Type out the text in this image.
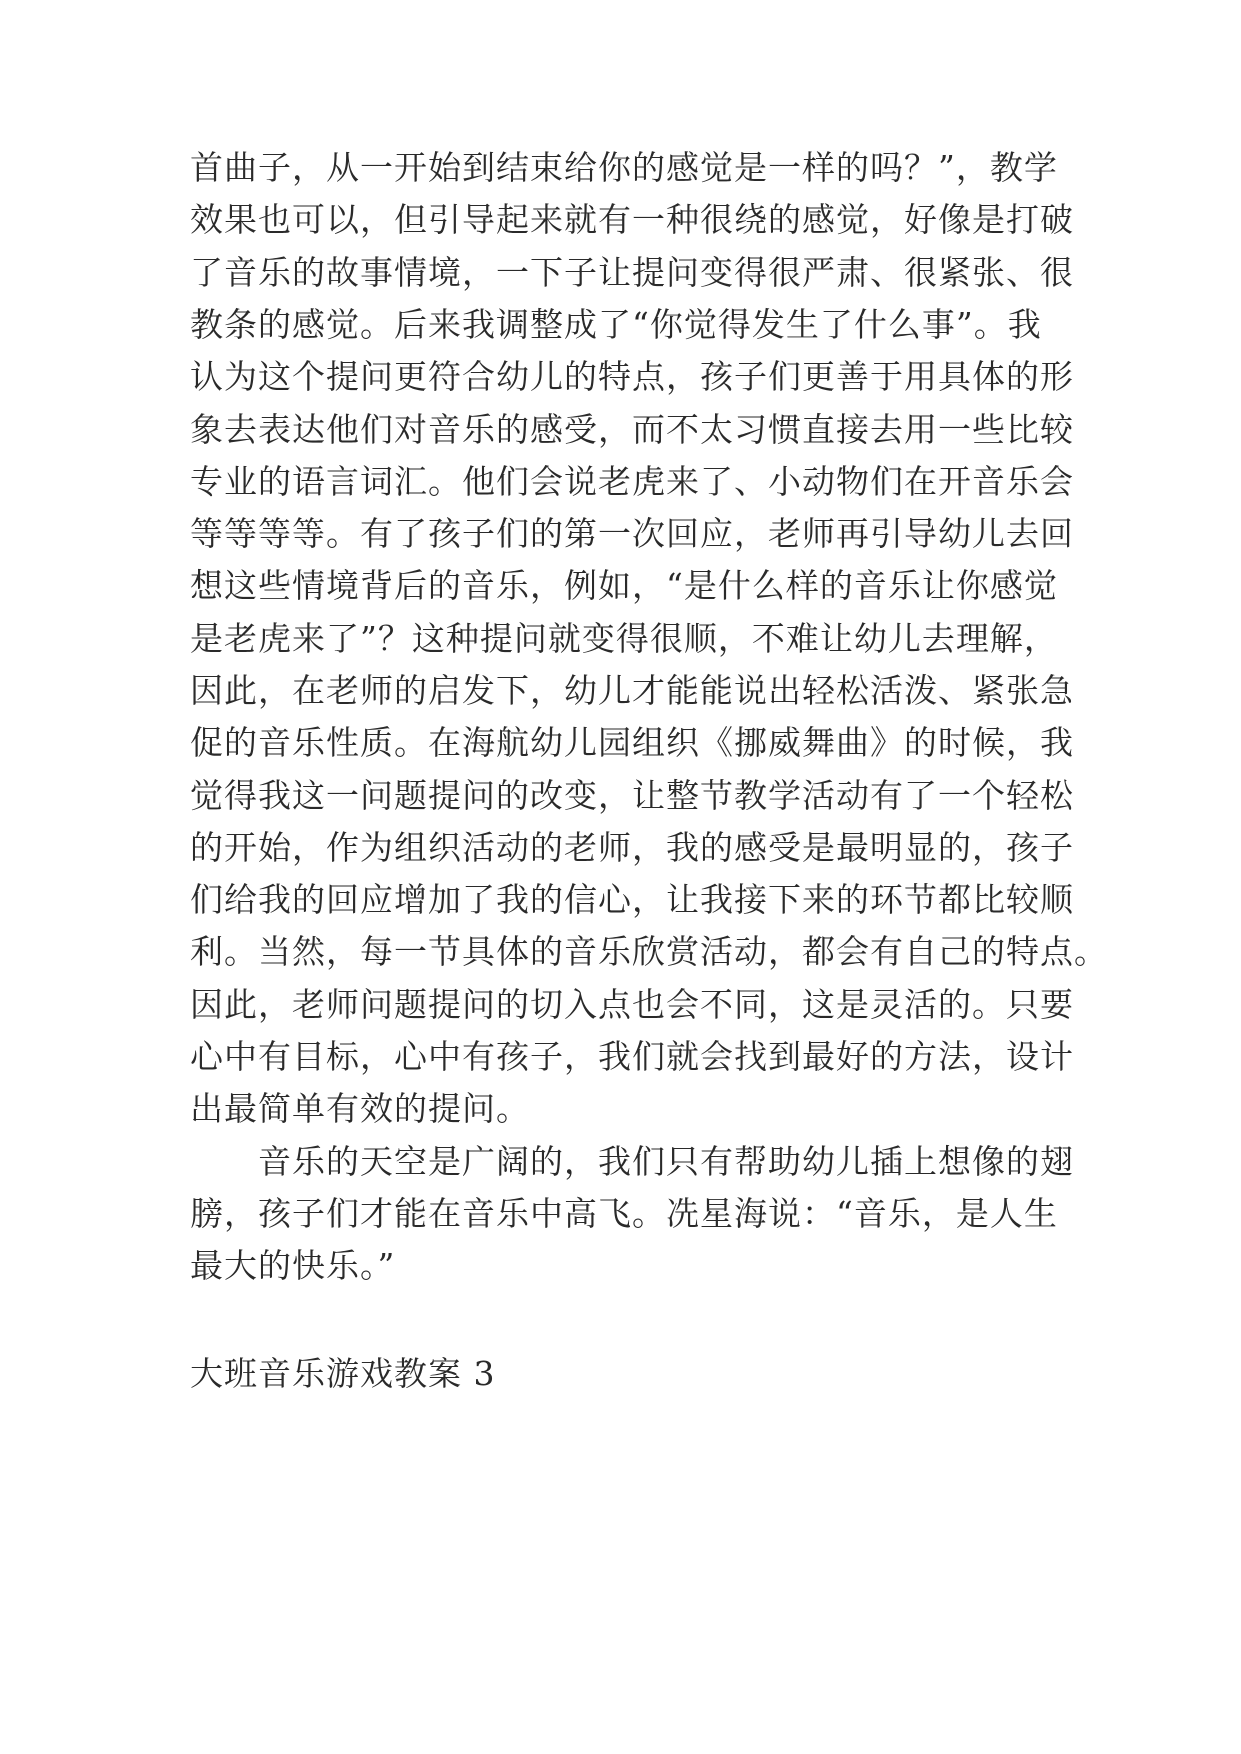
首曲子，从一开始到结束给你的感觉是一样的吗？”，教学
效果也可以，但引导起来就有一种很绕的感觉，好像是打破
了音乐的故事情境，一下子让提问变得很严肃、很紧张、很
教条的感觉。后来我调整成了“你觉得发生了什么事”。我
认为这个提问更符合幼儿的特点，孩子们更善于用具体的形
象去表达他们对音乐的感受，而不太习惯直接去用一些比较
专业的语言词汇。他们会说老虎来了、小动物们在开音乐会
等等等等。有了孩子们的第一次回应，老师再引导幼儿去回
想这些情境背后的音乐，例如，“是什么样的音乐让你感觉
是老虎来了”？这种提问就变得很顺，不难让幼儿去理解，
因此，在老师的启发下，幼儿才能能说出轻松活泼、紧张急
促的音乐性质。在海航幼儿园组织《挪威舞曲》的时候，我
觉得我这一问题提问的改变，让整节教学活动有了一个轻松
的开始，作为组织活动的老师，我的感受是最明显的，孩子
们给我的回应增加了我的信心，让我接下来的环节都比较顺
利。当然，每一节具体的音乐欣赏活动，都会有自己的特点。
因此，老师问题提问的切入点也会不同，这是灵活的。只要
心中有目标，心中有孩子，我们就会找到最好的方法，设计
出最简单有效的提问。
　　音乐的天空是广阔的，我们只有帮助幼儿插上想像的翅
膀，孩子们才能在音乐中高飞。冼星海说：“音乐，是人生
最大的快乐。”
大班音乐游戏教案 3
